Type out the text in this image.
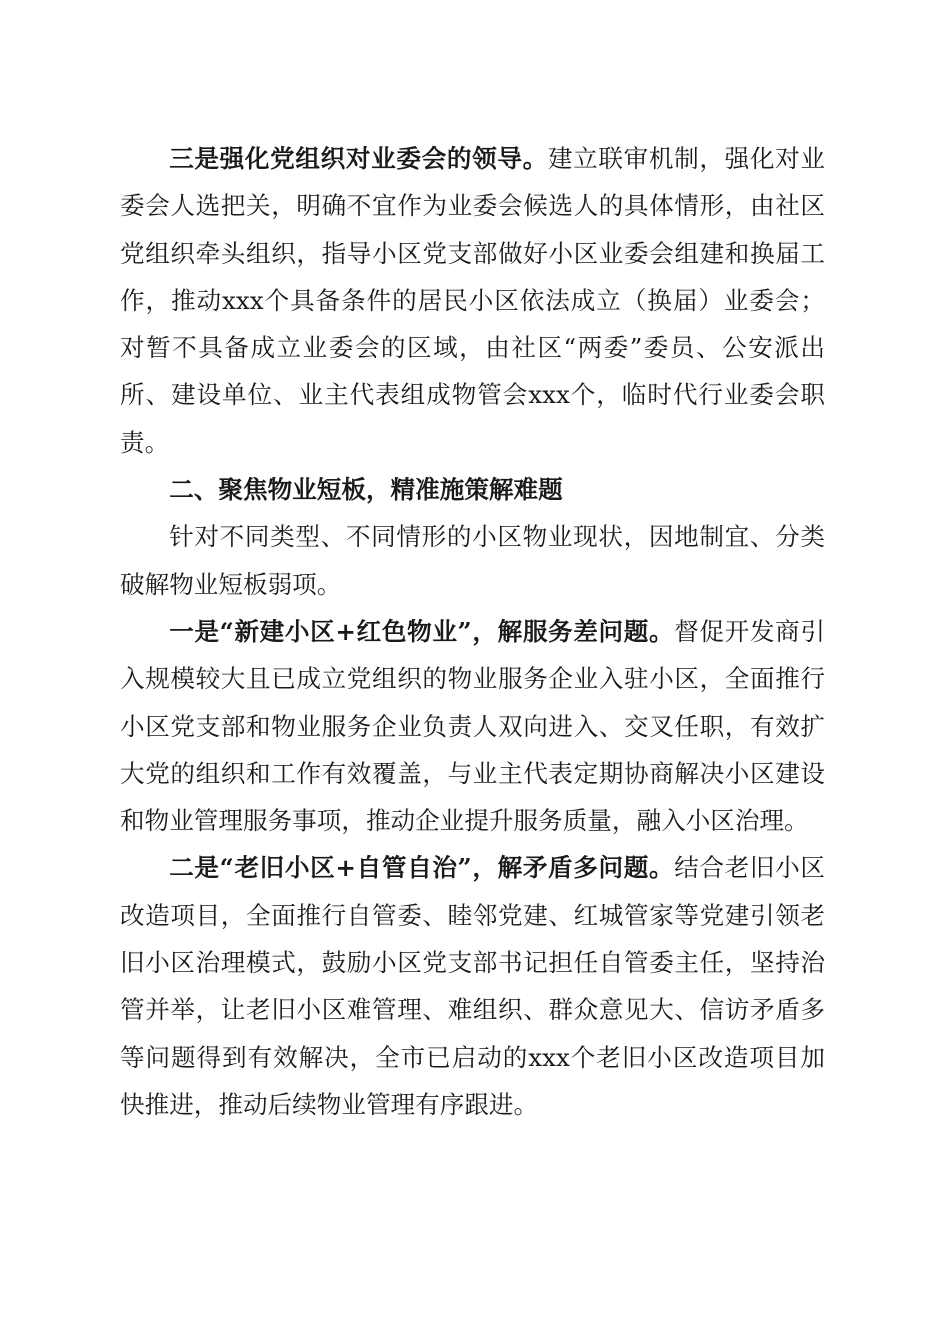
三是强化党组织对业委会的领导。建立联审机制，强化对业委会人选把关，明确不宜作为业委会候选人的具体情形，由社区党组织牵头组织，指导小区党支部做好小区业委会组建和换届工作，推动xxx个具备条件的居民小区依法成立（换届）业委会；对暂不具备成立业委会的区域，由社区“两委”委员、公安派出所、建设单位、业主代表组成物管会xxx个，临时代行业委会职责。

二、聚焦物业短板，精准施策解难题

针对不同类型、不同情形的小区物业现状，因地制宜、分类破解物业短板弱项。

一是“新建小区+红色物业”，解服务差问题。督促开发商引入规模较大且已成立党组织的物业服务企业入驻小区，全面推行小区党支部和物业服务企业负责人双向进入、交叉任职，有效扩大党的组织和工作有效覆盖，与业主代表定期协商解决小区建设和物业管理服务事项，推动企业提升服务质量，融入小区治理。

二是“老旧小区+自管自治”，解矛盾多问题。结合老旧小区改造项目，全面推行自管委、睦邻党建、红城管家等党建引领老旧小区治理模式，鼓励小区党支部书记担任自管委主任，坚持治管并举，让老旧小区难管理、难组织、群众意见大、信访矛盾多等问题得到有效解决，全市已启动的xxx个老旧小区改造项目加快推进，推动后续物业管理有序跟进。
